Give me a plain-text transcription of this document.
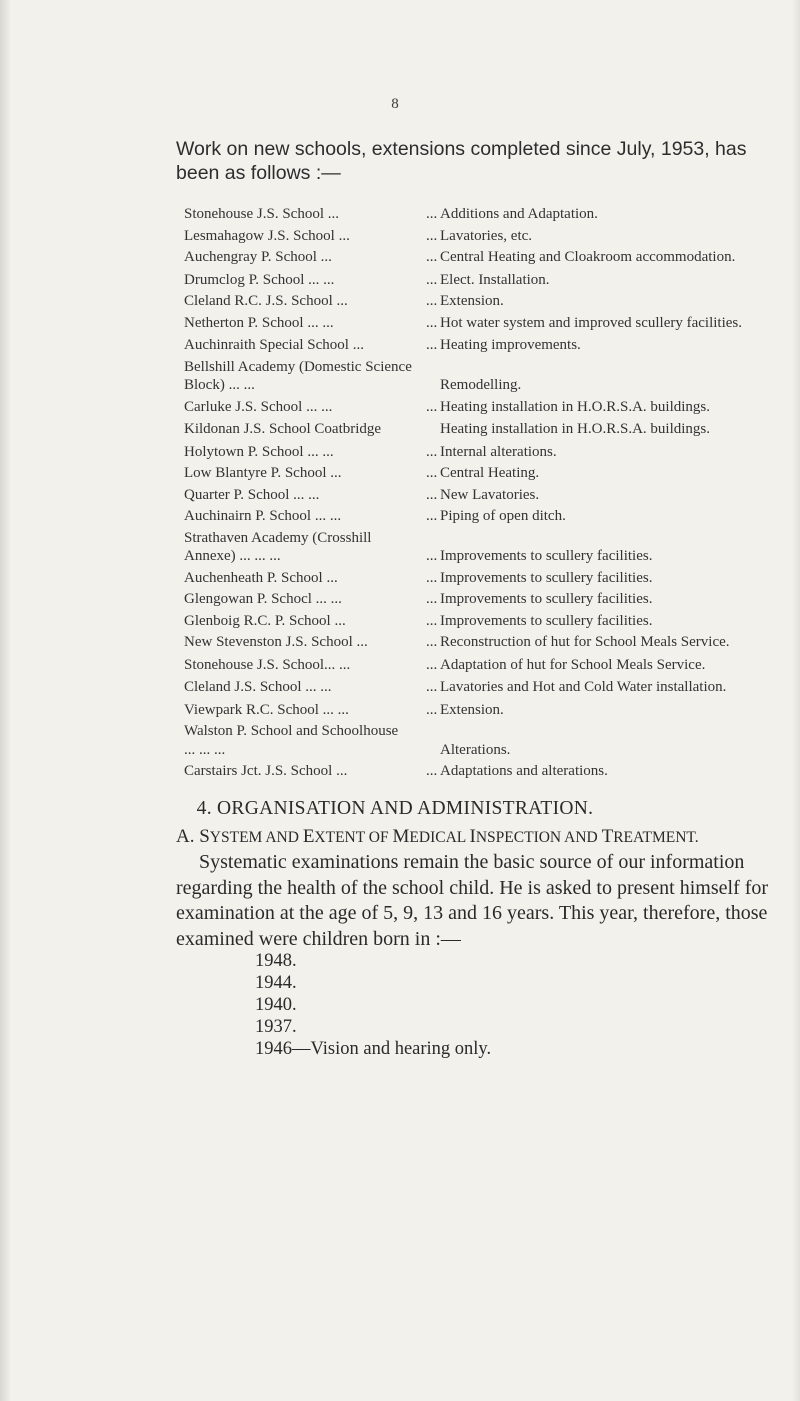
8
Work on new schools, extensions completed since July, 1953, has been as follows :—
Stonehouse J.S. School ...	... Additions and Adaptation.
Lesmahagow J.S. School ...	... Lavatories, etc.
Auchengray P. School ...	... Central Heating and Cloakroom accommodation.
Drumclog P. School ... ...	... Elect. Installation.
Cleland R.C. J.S. School ...	... Extension.
Netherton P. School ... ...	... Hot water system and improved scullery facilities.
Auchinraith Special School ...	... Heating improvements.
Bellshill Academy (Domestic Science Block) ... ...	Remodelling.
Carluke J.S. School ... ...	... Heating installation in H.O.R.S.A. buildings.
Kildonan J.S. School Coatbridge	Heating installation in H.O.R.S.A. buildings.
Holytown P. School ... ...	... Internal alterations.
Low Blantyre P. School ...	... Central Heating.
Quarter P. School ... ...	... New Lavatories.
Auchinairn P. School ... ...	... Piping of open ditch.
Strathaven Academy (Crosshill Annexe) ... ... ...	... Improvements to scullery facilities.
Auchenheath P. School ...	... Improvements to scullery facilities.
Glengowan P. Schocl ... ...	... Improvements to scullery facilities.
Glenboig R.C. P. School ...	... Improvements to scullery facilities.
New Stevenston J.S. School ...	... Reconstruction of hut for School Meals Service.
Stonehouse J.S. School... ...	... Adaptation of hut for School Meals Service.
Cleland J.S. School ... ...	... Lavatories and Hot and Cold Water installation.
Viewpark R.C. School ... ...	... Extension.
Walston P. School and Schoolhouse ... ... ...	Alterations.
Carstairs Jct. J.S. School ...	... Adaptations and alterations.
4. ORGANISATION AND ADMINISTRATION.
A. SYSTEM AND EXTENT OF MEDICAL INSPECTION AND TREATMENT.
Systematic examinations remain the basic source of our information regarding the health of the school child. He is asked to present himself for examination at the age of 5, 9, 13 and 16 years. This year, therefore, those examined were children born in :—
1948.
1944.
1940.
1937.
1946—Vision and hearing only.
